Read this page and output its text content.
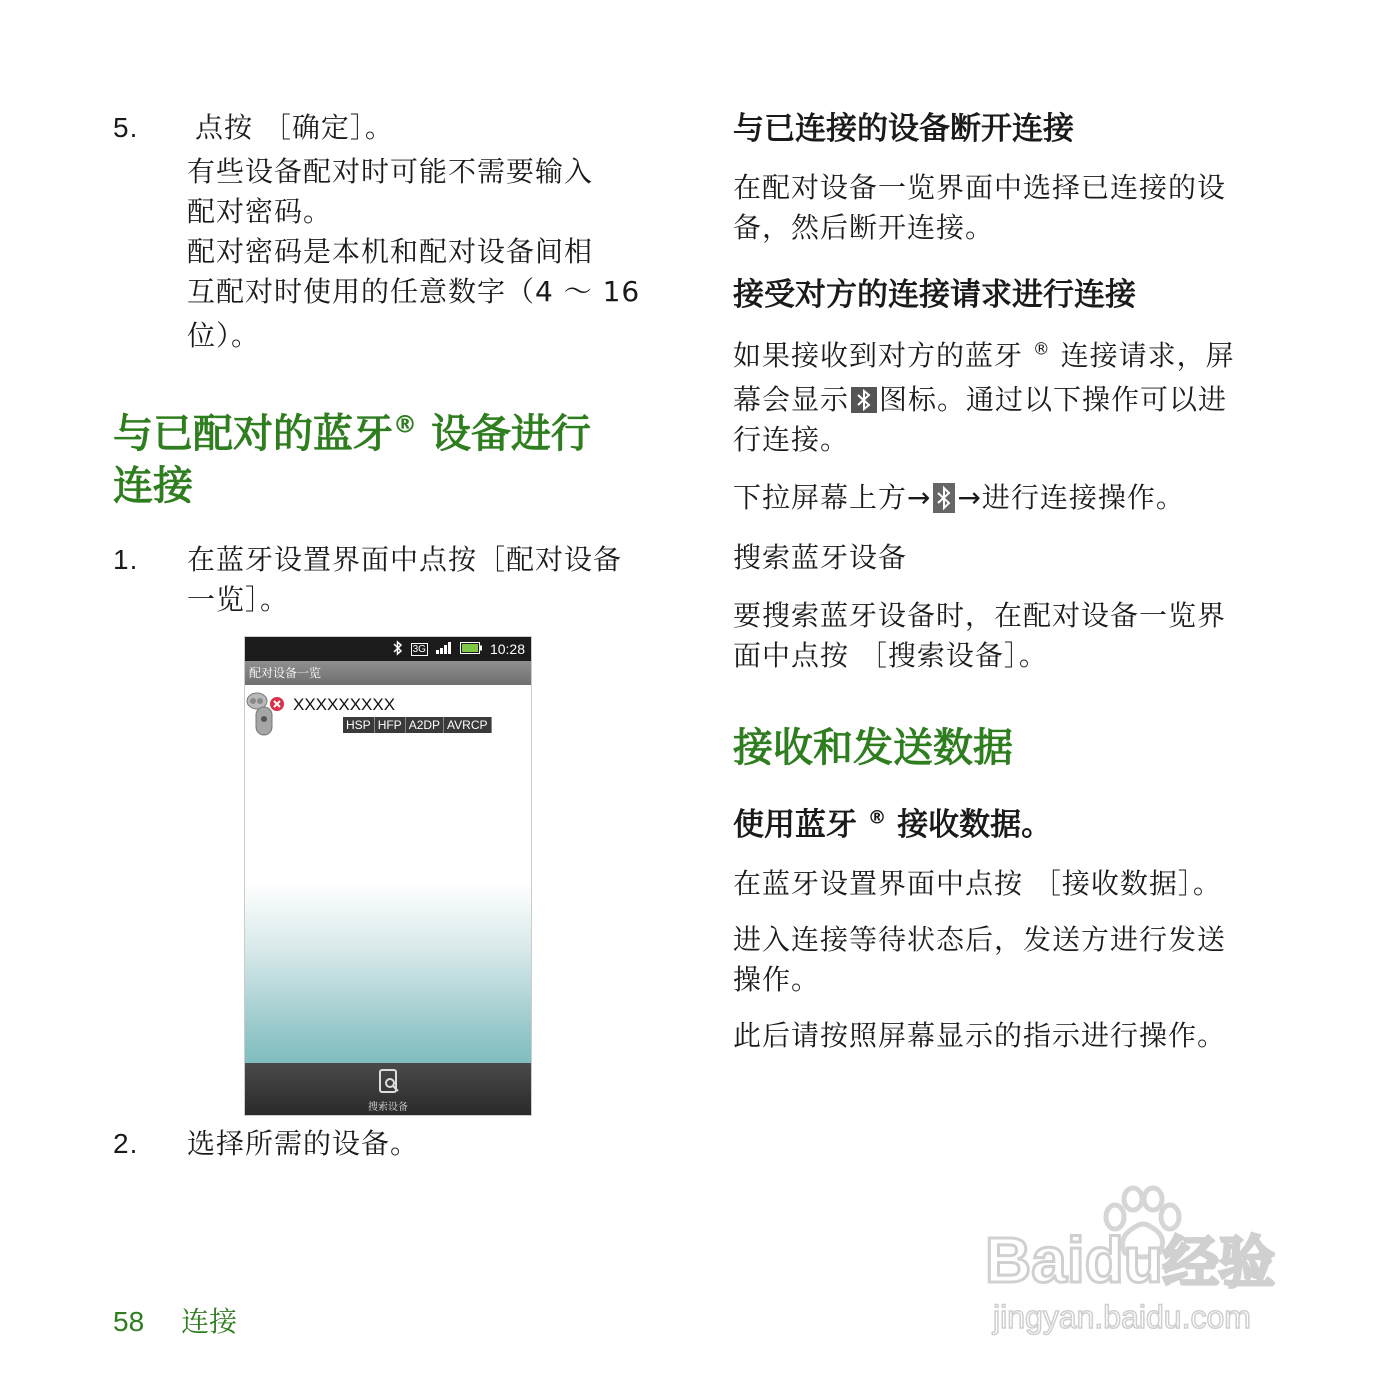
5. 点按 ［确定］。
有些设备配对时可能不需要输入
配对密码。
配对密码是本机和配对设备间相
互配对时使用的任意数字（4 ～ 16
位）。
与已配对的蓝牙® 设备进行
连接
1. 在蓝牙设置界面中点按［配对设备
一览］。
3G	10:28
配对设备一览
XXXXXXXXX
HSP HFP A2DP AVRCP
搜索设备
2. 选择所需的设备。
与已连接的设备断开连接
在配对设备一览界面中选择已连接的设
备，然后断开连接。
接受对方的连接请求进行连接
如果接收到对方的蓝牙 ® 连接请求，屏
幕会显示 图标。通过以下操作可以进
行连接。
下拉屏幕上方→ →进行连接操作。
搜索蓝牙设备
要搜索蓝牙设备时，在配对设备一览界
面中点按 ［搜索设备］。
接收和发送数据
使用蓝牙 ® 接收数据。
在蓝牙设置界面中点按 ［接收数据］。
进入连接等待状态后，发送方进行发送
操作。
此后请按照屏幕显示的指示进行操作。
58 连接
Baidu经验
jingyan.baidu.com
